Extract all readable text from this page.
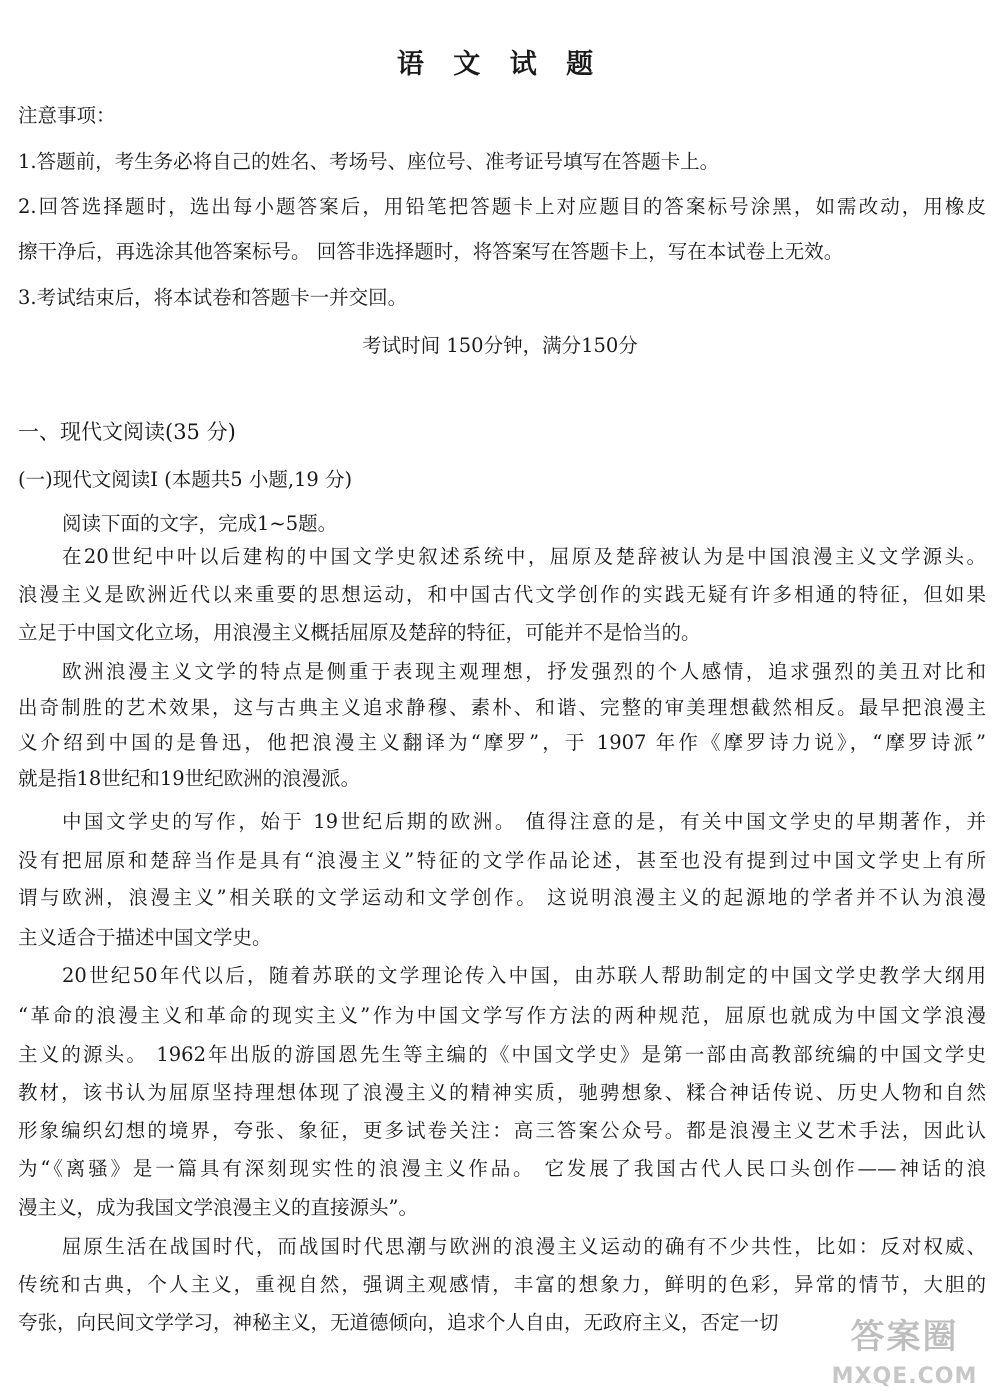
语 文 试 题
注意事项：
1.答题前，考生务必将自己的姓名、考场号、座位号、准考证号填写在答题卡上。
2.回答选择题时，选出每小题答案后，用铅笔把答题卡上对应题目的答案标号涂黑，如需改动，用橡皮
擦干净后，再选涂其他答案标号。 回答非选择题时，将答案写在答题卡上，写在本试卷上无效。
3.考试结束后，将本试卷和答题卡一并交回。
考试时间 150分钟，满分150分
一、现代文阅读(35 分)
(一)现代文阅读Ⅰ (本题共5 小题,19 分)
阅读下面的文字，完成1~5题。
在20世纪中叶以后建构的中国文学史叙述系统中，屈原及楚辞被认为是中国浪漫主义文学源头。
浪漫主义是欧洲近代以来重要的思想运动，和中国古代文学创作的实践无疑有许多相通的特征，但如果
立足于中国文化立场，用浪漫主义概括屈原及楚辞的特征，可能并不是恰当的。
欧洲浪漫主义文学的特点是侧重于表现主观理想，抒发强烈的个人感情，追求强烈的美丑对比和
出奇制胜的艺术效果，这与古典主义追求静穆、素朴、和谐、完整的审美理想截然相反。最早把浪漫主
义介绍到中国的是鲁迅，他把浪漫主义翻译为“摩罗”，于 1907 年作《摩罗诗力说》，“摩罗诗派”
就是指18世纪和19世纪欧洲的浪漫派。
中国文学史的写作，始于 19世纪后期的欧洲。 值得注意的是，有关中国文学史的早期著作，并
没有把屈原和楚辞当作是具有“浪漫主义”特征的文学作品论述，甚至也没有提到过中国文学史上有所
谓与欧洲，浪漫主义”相关联的文学运动和文学创作。 这说明浪漫主义的起源地的学者并不认为浪漫
主义适合于描述中国文学史。
20世纪50年代以后，随着苏联的文学理论传入中国，由苏联人帮助制定的中国文学史教学大纲用
“革命的浪漫主义和革命的现实主义”作为中国文学写作方法的两种规范，屈原也就成为中国文学浪漫
主义的源头。 1962年出版的游国恩先生等主编的《中国文学史》是第一部由高教部统编的中国文学史
教材，该书认为屈原坚持理想体现了浪漫主义的精神实质，驰骋想象、糅合神话传说、历史人物和自然
形象编织幻想的境界，夸张、象征，更多试卷关注：高三答案公众号。都是浪漫主义艺术手法，因此认
为“《离骚》是一篇具有深刻现实性的浪漫主义作品。 它发展了我国古代人民口头创作——神话的浪
漫主义，成为我国文学浪漫主义的直接源头”。
屈原生活在战国时代，而战国时代思潮与欧洲的浪漫主义运动的确有不少共性，比如：反对权威、
传统和古典，个人主义，重视自然，强调主观感情，丰富的想象力，鲜明的色彩，异常的情节，大胆的
夸张，向民间文学学习，神秘主义，无道德倾向，追求个人自由，无政府主义，否定一切	答案圈
MXQE.COM
